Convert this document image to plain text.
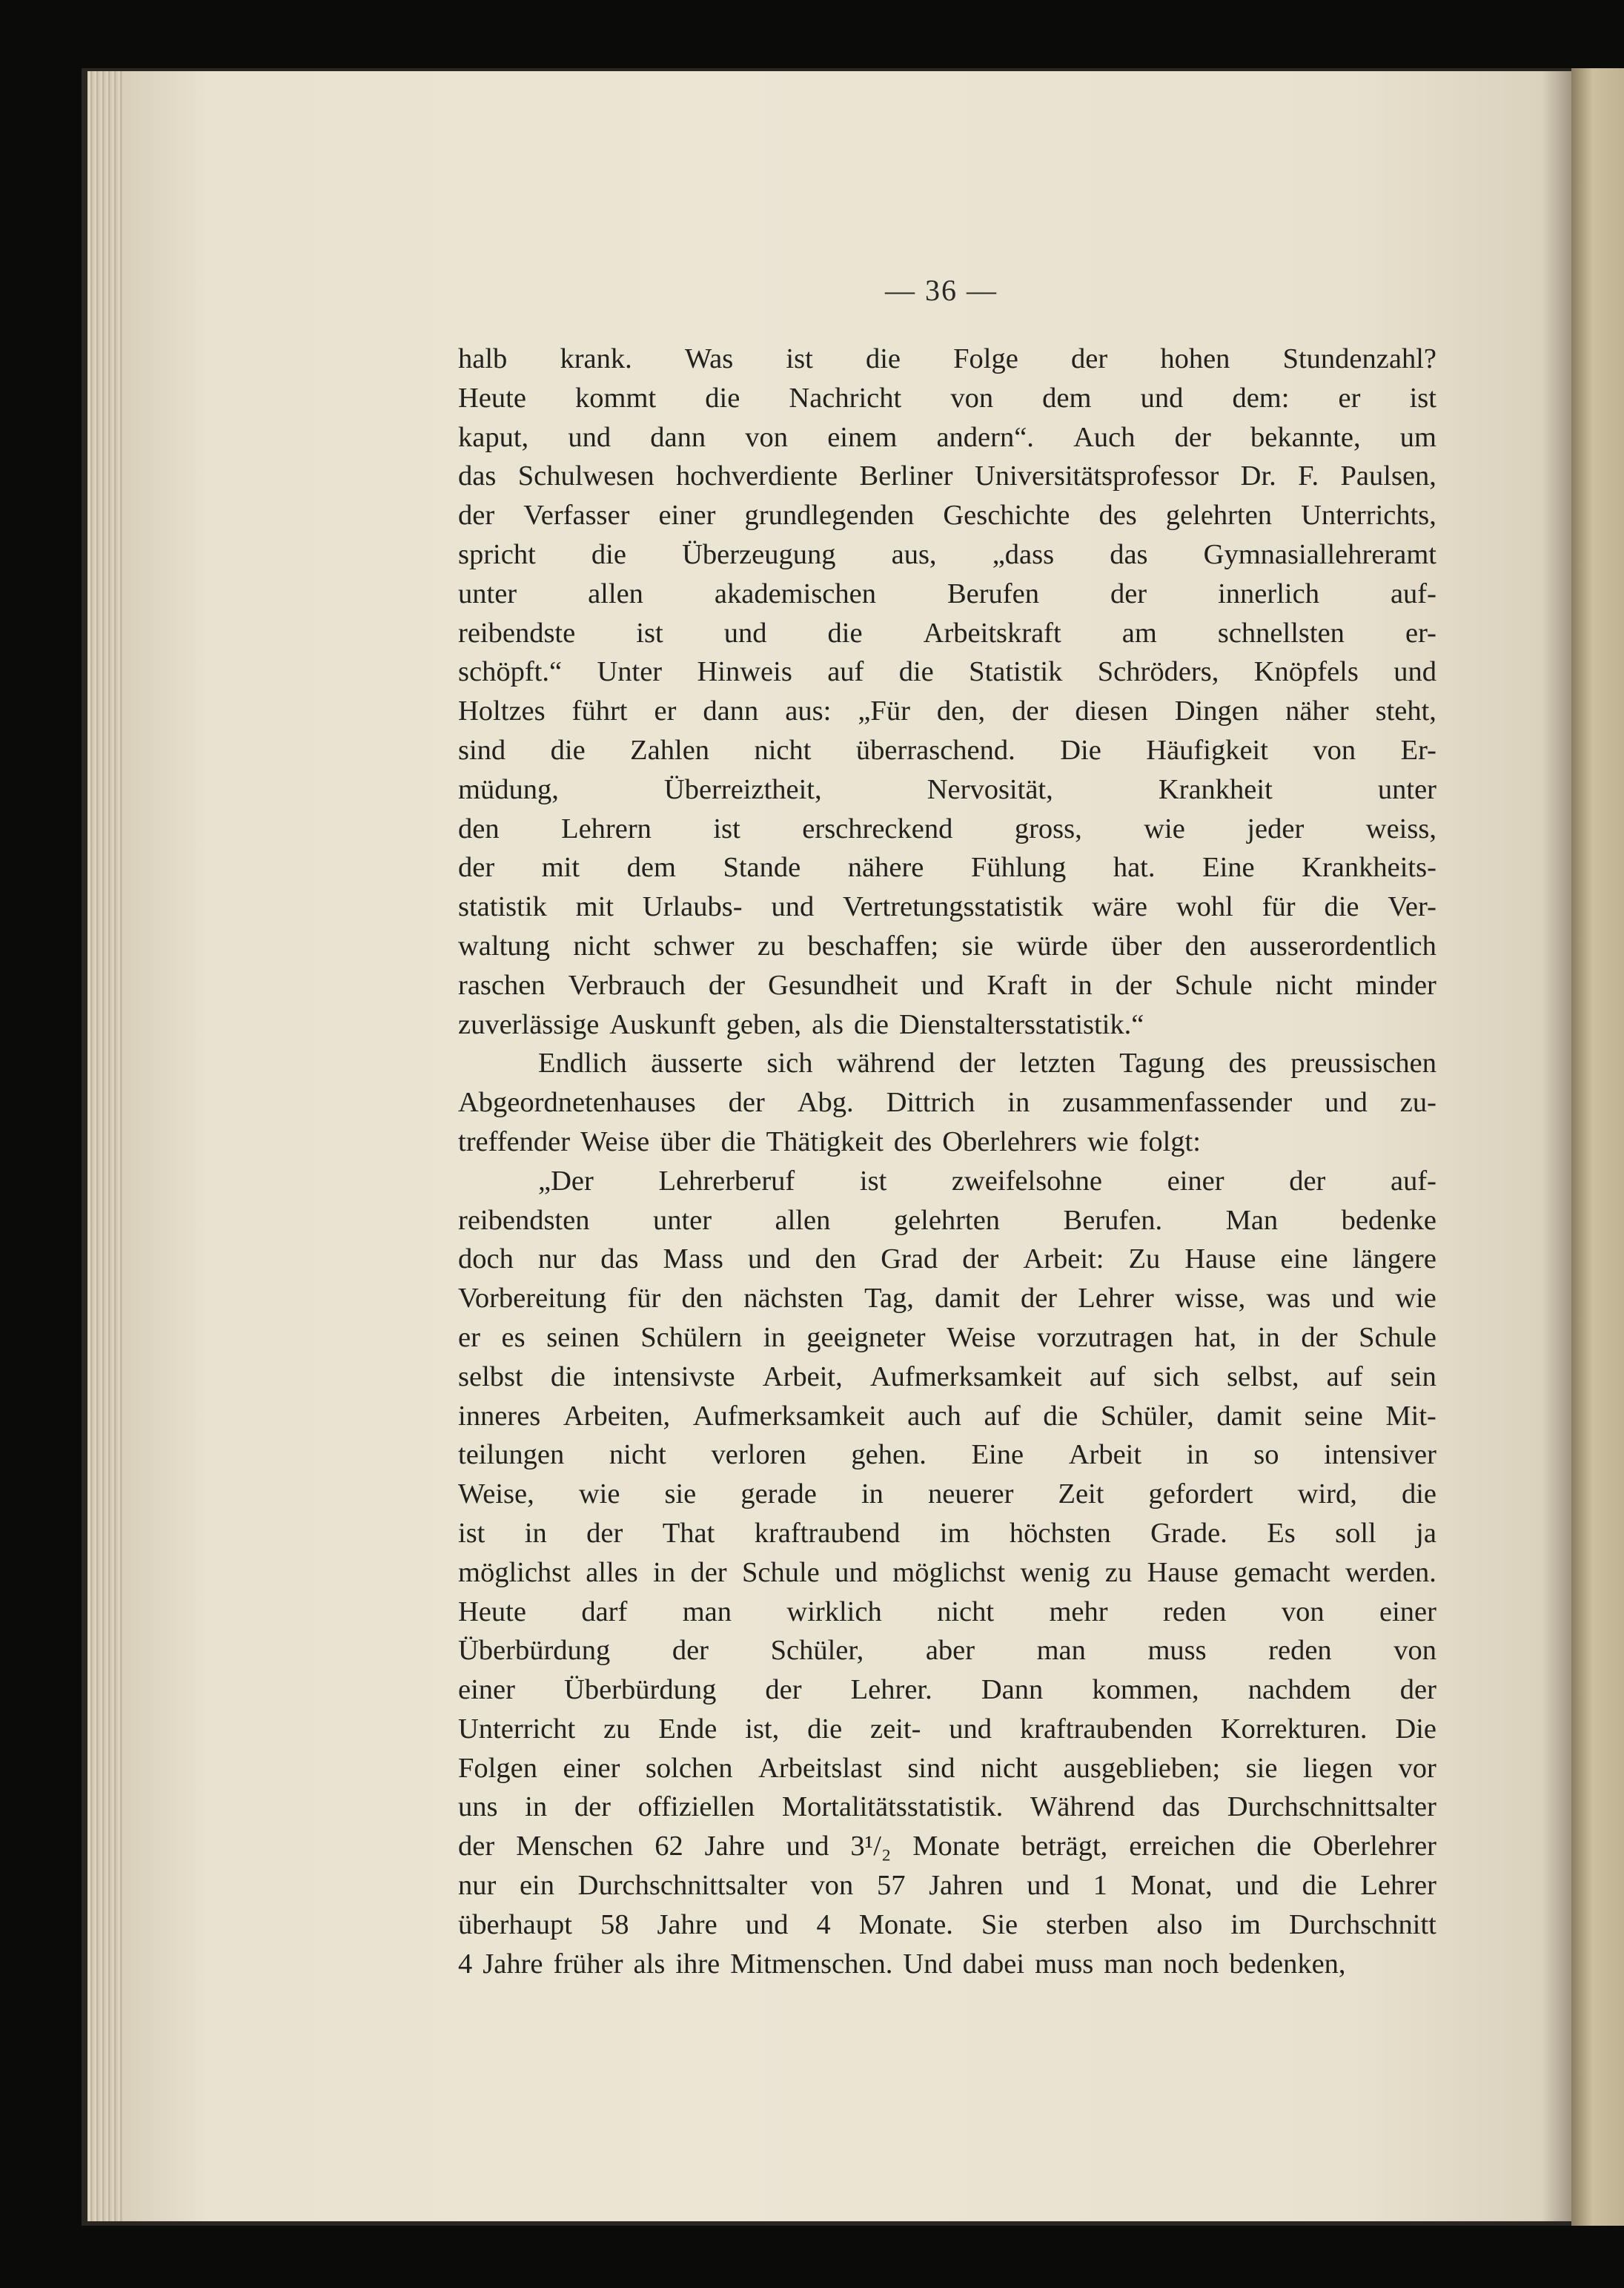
— 36 —
halb krank. Was ist die Folge der hohen Stundenzahl?
Heute kommt die Nachricht von dem und dem: er ist
kaput, und dann von einem andern“. Auch der bekannte, um
das Schulwesen hochverdiente Berliner Universitätsprofessor Dr. F. Paulsen,
der Verfasser einer grundlegenden Geschichte des gelehrten Unterrichts,
spricht die Überzeugung aus, „dass das Gymnasiallehreramt
unter allen akademischen Berufen der innerlich auf-
reibendste ist und die Arbeitskraft am schnellsten er-
schöpft.“ Unter Hinweis auf die Statistik Schröders, Knöpfels und
Holtzes führt er dann aus: „Für den, der diesen Dingen näher steht,
sind die Zahlen nicht überraschend. Die Häufigkeit von Er-
müdung,	Überreiztheit,	Nervosität,	Krankheit	unter
den Lehrern ist erschreckend gross, wie jeder weiss,
der mit dem Stande nähere Fühlung hat. Eine Krankheits-
statistik mit Urlaubs- und Vertretungsstatistik wäre wohl für die Ver-
waltung nicht schwer zu beschaffen; sie würde über den ausserordentlich
raschen Verbrauch der Gesundheit und Kraft in der Schule nicht minder
zuverlässige Auskunft geben, als die Dienstaltersstatistik.“
Endlich äusserte sich während der letzten Tagung des preussischen
Abgeordnetenhauses der Abg. Dittrich in zusammenfassender und zu-
treffender Weise über die Thätigkeit des Oberlehrers wie folgt:
„Der Lehrerberuf ist zweifelsohne einer der auf-
reibendsten unter allen gelehrten Berufen. Man bedenke
doch nur das Mass und den Grad der Arbeit: Zu Hause eine längere
Vorbereitung für den nächsten Tag, damit der Lehrer wisse, was und wie
er es seinen Schülern in geeigneter Weise vorzutragen hat, in der Schule
selbst die intensivste Arbeit, Aufmerksamkeit auf sich selbst, auf sein
inneres Arbeiten, Aufmerksamkeit auch auf die Schüler, damit seine Mit-
teilungen nicht verloren gehen. Eine Arbeit in so intensiver
Weise, wie sie gerade in neuerer Zeit gefordert wird, die
ist in der That kraftraubend im höchsten Grade. Es soll ja
möglichst alles in der Schule und möglichst wenig zu Hause gemacht werden.
Heute darf man wirklich nicht mehr reden von einer
Überbürdung der Schüler, aber man muss reden von
einer Überbürdung der Lehrer. Dann kommen, nachdem der
Unterricht zu Ende ist, die zeit- und kraftraubenden Korrekturen. Die
Folgen einer solchen Arbeitslast sind nicht ausgeblieben; sie liegen vor
uns in der offiziellen Mortalitätsstatistik. Während das Durchschnittsalter
der Menschen 62 Jahre und 3¹/₂ Monate beträgt, erreichen die Oberlehrer
nur ein Durchschnittsalter von 57 Jahren und 1 Monat, und die Lehrer
überhaupt 58 Jahre und 4 Monate. Sie sterben also im Durchschnitt
4 Jahre früher als ihre Mitmenschen. Und dabei muss man noch bedenken,
